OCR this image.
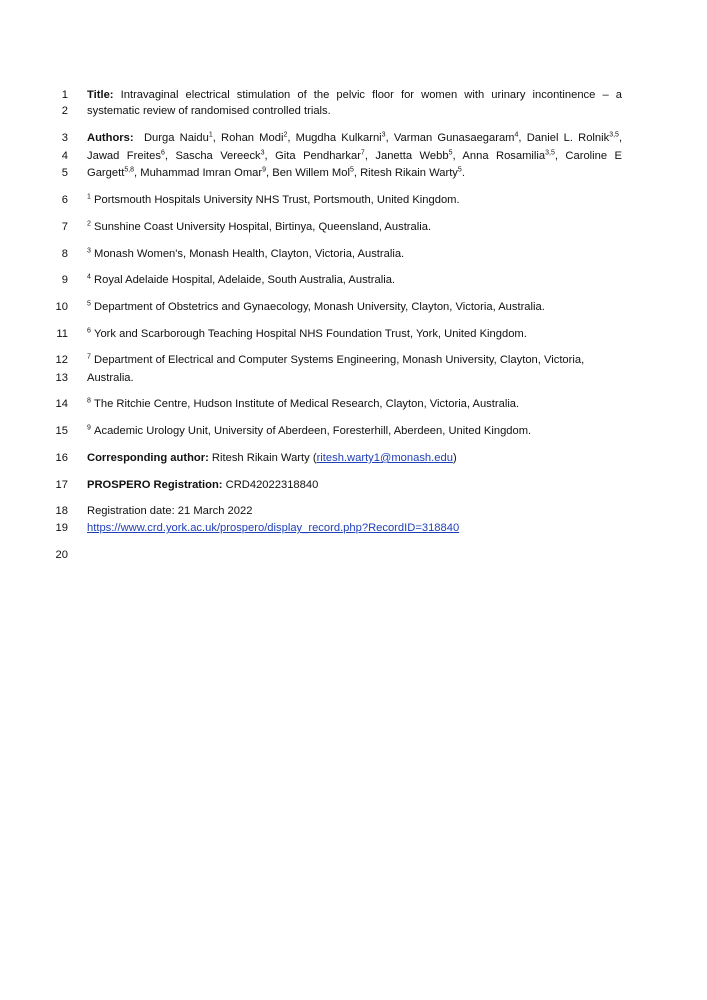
1 Title: Intravaginal electrical stimulation of the pelvic floor for women with urinary incontinence – a
2 systematic review of randomised controlled trials.
3 Authors: Durga Naidu$^1$, Rohan Modi$^2$, Mugdha Kulkarni$^3$, Varman Gunasaegaram$^4$, Daniel L. Rolnik$^{3,5}$,
4 Jawad Freites$^6$, Sascha Vereeck$^3$, Gita Pendharkar$^7$, Janetta Webb$^5$, Anna Rosamilia$^{3,5}$, Caroline E
5 Gargett$^{5,8}$, Muhammad Imran Omar$^9$, Ben Willem Mol$^5$, Ritesh Rikain Warty$^5$.
6	$^1$ Portsmouth Hospitals University NHS Trust, Portsmouth, United Kingdom.
7	$^2$ Sunshine Coast University Hospital, Birtinya, Queensland, Australia.
8	$^3$ Monash Women's, Monash Health, Clayton, Victoria, Australia.
9	$^4$ Royal Adelaide Hospital, Adelaide, South Australia, Australia.
10	$^5$ Department of Obstetrics and Gynaecology, Monash University, Clayton, Victoria, Australia.
11	$^6$ York and Scarborough Teaching Hospital NHS Foundation Trust, York, United Kingdom.
12	$^7$ Department of Electrical and Computer Systems Engineering, Monash University, Clayton, Victoria,
13 Australia.
14	$^8$ The Ritchie Centre, Hudson Institute of Medical Research, Clayton, Victoria, Australia.
15	$^9$ Academic Urology Unit, University of Aberdeen, Foresterhill, Aberdeen, United Kingdom.
16 Corresponding author: Ritesh Rikain Warty (ritesh.warty1@monash.edu)
17 PROSPERO Registration: CRD42022318840
18 Registration date: 21 March 2022
19 https://www.crd.york.ac.uk/prospero/display_record.php?RecordID=318840
20
